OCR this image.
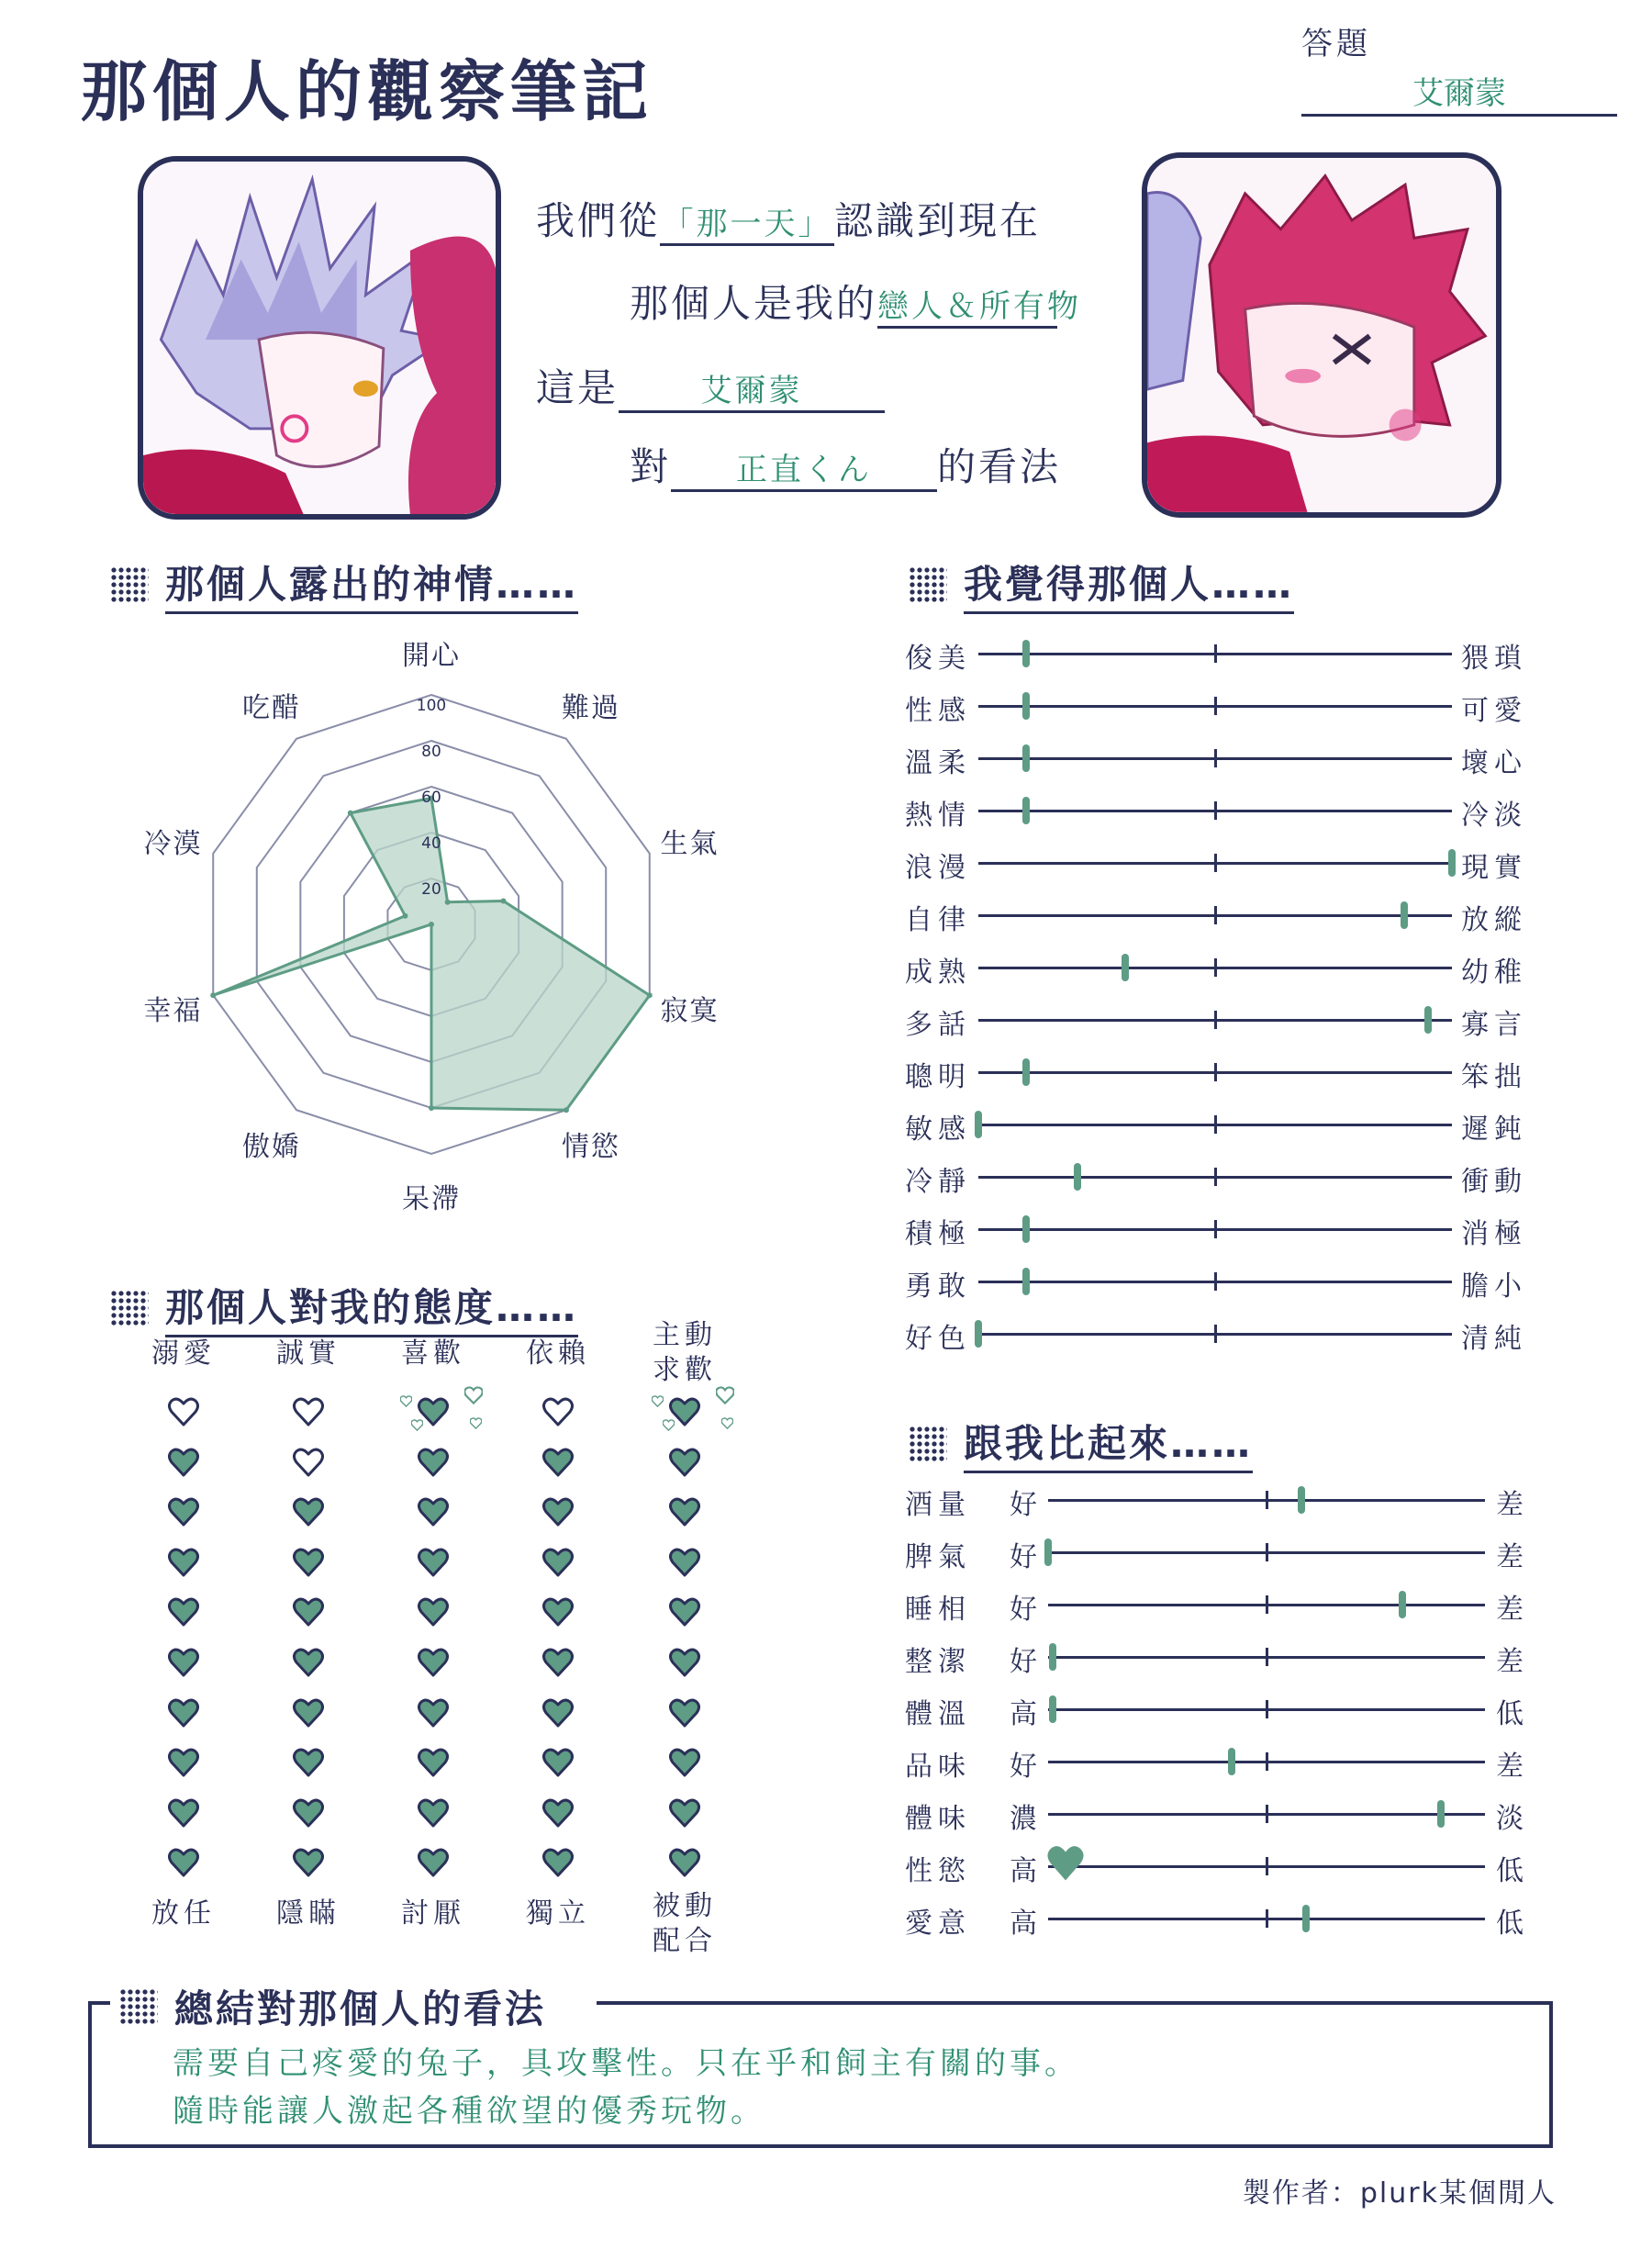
那個人的觀察筆記
答題
艾爾蒙
我們從「那一天」認識到現在
那個人是我的戀人＆所有物
這是	艾爾蒙
對 正直くん 的看法
那個人露出的神情……
20
40
60
80
100
開心
難過
生氣
寂寞
情慾
呆滯
傲嬌
幸福
冷漠
吃醋
我覺得那個人……
俊美	猥瑣
性感	可愛
溫柔	壞心
熱情	冷淡
浪漫	現實
自律	放縱
成熟	幼稚
多話	寡言
聰明	笨拙
敏感	遲鈍
冷靜	衝動
積極	消極
勇敢	膽小
好色	清純
跟我比起來……
酒量 好	差
脾氣 好	差
睡相 好	差
整潔 好	差
體溫 高	低
品味 好	差
體味 濃	淡
性慾 高	低
愛意 高	低
那個人對我的態度……
溺愛
放任
誠實
隱瞞
喜歡
討厭
依賴
獨立
主動
求歡
被動
配合
總結對那個人的看法
需要自己疼愛的兔子，具攻擊性。只在乎和飼主有關的事。
隨時能讓人激起各種欲望的優秀玩物。
製作者：plurk某個閒人
